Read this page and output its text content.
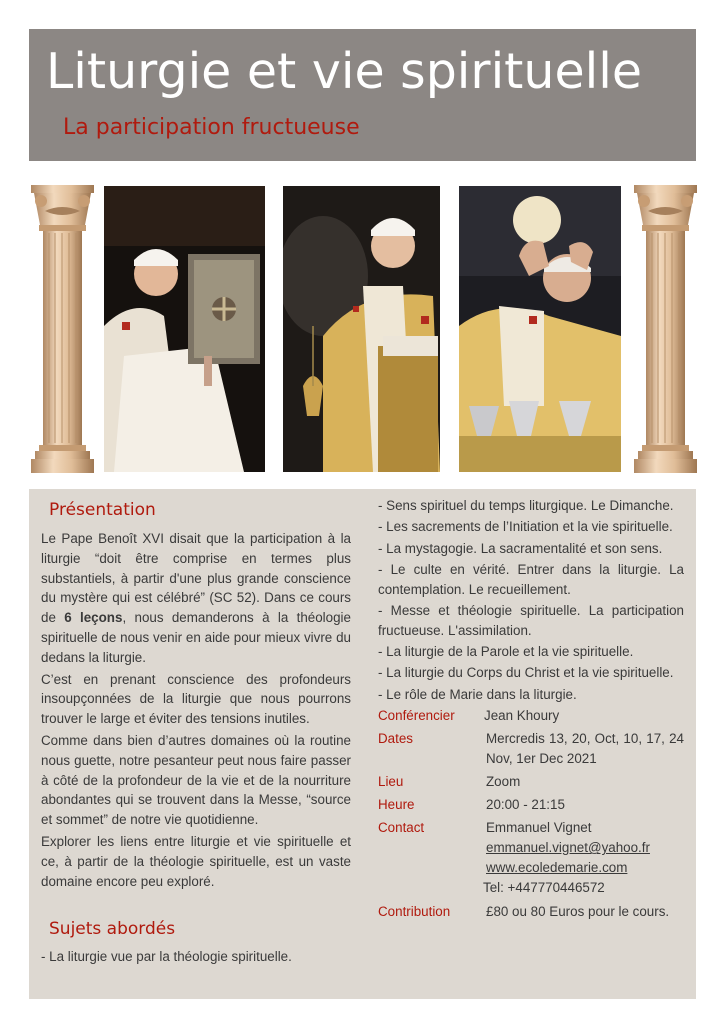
Liturgie et vie spirituelle
La participation fructueuse
Présentation

Le Pape Benoît XVI disait que la participation à la liturgie “doit être comprise en termes plus substantiels, à partir d'une plus grande conscience du mystère qui est célébré” (SC 52). Dans ce cours de 6 leçons, nous demanderons à la théologie spirituelle de nous venir en aide pour mieux vivre du dedans la liturgie.

C’est en prenant conscience des profondeurs insoupçonnées de la liturgie que nous pourrons trouver le large et éviter des tensions inutiles.

Comme dans bien d’autres domaines où la routine nous guette, notre pesanteur peut nous faire passer à côté de la profondeur de la vie et de la nourriture abondantes qui se trouvent dans la Messe, “source et sommet” de notre vie quotidienne.

Explorer les liens entre liturgie et vie spirituelle et ce, à partir de la théologie spirituelle, est un vaste domaine encore peu exploré.

Sujets abordés

- La liturgie vue par la théologie spirituelle.

- Sens spirituel du temps liturgique. Le Dimanche.

- Les sacrements de l’Initiation et la vie spirituelle.

- La mystagogie. La sacramentalité et son sens.

- Le culte en vérité. Entrer dans la liturgie. La contemplation. Le recueillement.

- Messe et théologie spirituelle. La participation fructueuse. L'assimilation.

- La liturgie de la Parole et la vie spirituelle.

- La liturgie du Corps du Christ et la vie spirituelle.

- Le rôle de Marie dans la liturgie.

Conférencier Jean Khoury
Dates	Mercredis 13, 20, Oct, 10, 17, 24 Nov, 1er Dec 2021
Lieu	Zoom
Heure	20:00 - 21:15
Contact	Emmanuel Vignet
emmanuel.vignet@yahoo.fr
www.ecoledemarie.com
Tel: +447770446572
Contribution	£80 ou 80 Euros pour le cours.
